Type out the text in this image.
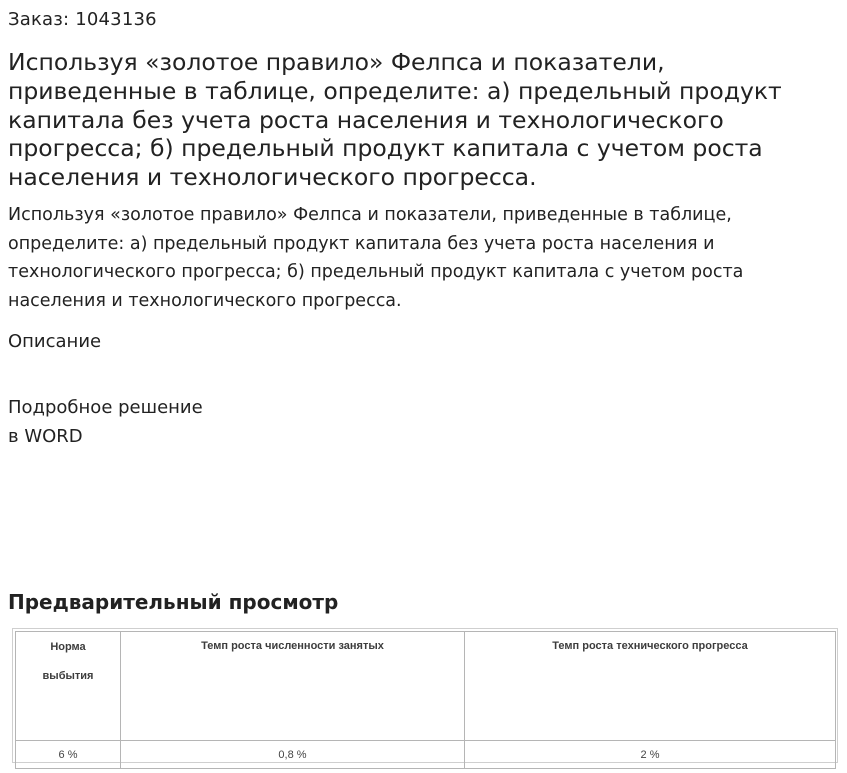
Заказ: 1043136
Используя «золотое правило» Фелпса и показатели, приведенные в таблице, определите: а) предельный продукт капитала без учета роста населения и технологического прогресса; б) предельный продукт капитала с учетом роста населения и технологического прогресса.

Используя «золотое правило» Фелпса и показатели, приведенные в таблице, определите: а) предельный продукт капитала без учета роста населения и технологического прогресса; б) предельный продукт капитала с учетом роста населения и технологического прогресса.

Описание
Подробное решение
в WORD
Предварительный просмотр
Норма выбытия	Темп роста численности занятых	Темп роста технического прогресса
6 %	0,8 %	2 %
